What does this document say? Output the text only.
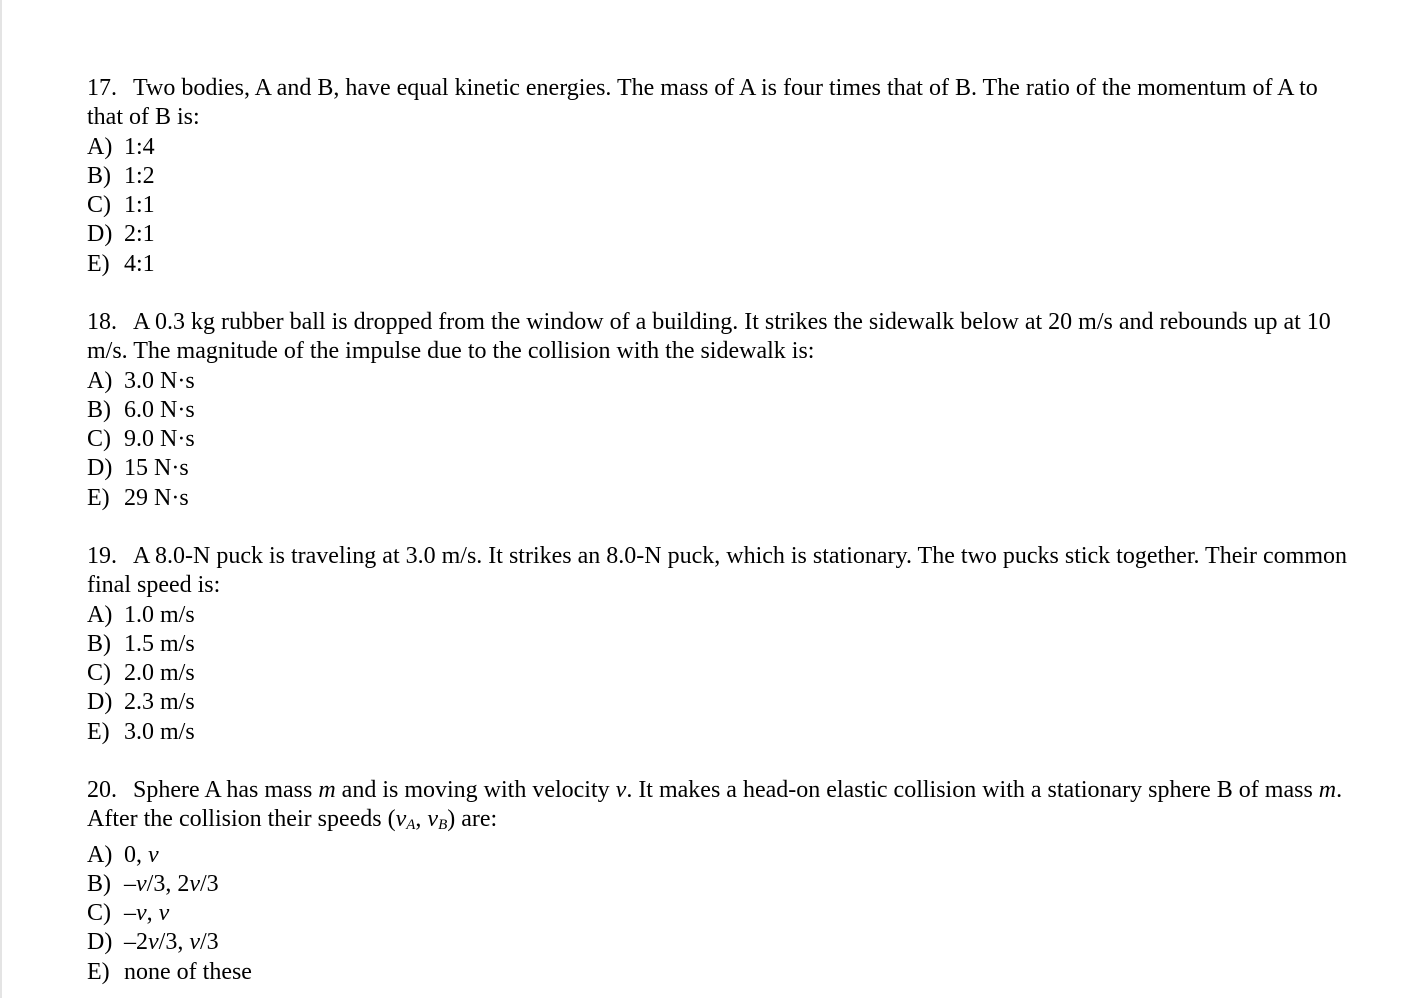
17. Two bodies, A and B, have equal kinetic energies. The mass of A is four times that of B. The ratio of the momentum of A to that of B is:

A) 1:4

B) 1:2

C) 1:1

D) 2:1

E) 4:1

18. A 0.3 kg rubber ball is dropped from the window of a building. It strikes the sidewalk below at 20 m/s and rebounds up at 10 m/s. The magnitude of the impulse due to the collision with the sidewalk is:

A) 3.0 N·s

B) 6.0 N·s

C) 9.0 N·s

D) 15 N·s

E) 29 N·s

19. A 8.0-N puck is traveling at 3.0 m/s. It strikes an 8.0-N puck, which is stationary. The two pucks stick together. Their common final speed is:

A) 1.0 m/s

B) 1.5 m/s

C) 2.0 m/s

D) 2.3 m/s

E) 3.0 m/s

20. Sphere A has mass m and is moving with velocity v. It makes a head-on elastic collision with a stationary sphere B of mass m. After the collision their speeds ($v_A$, $v_B$) are:

A) 0, v

B) –v/3, 2v/3

C) –v, v

D) –2v/3, v/3

E) none of these
